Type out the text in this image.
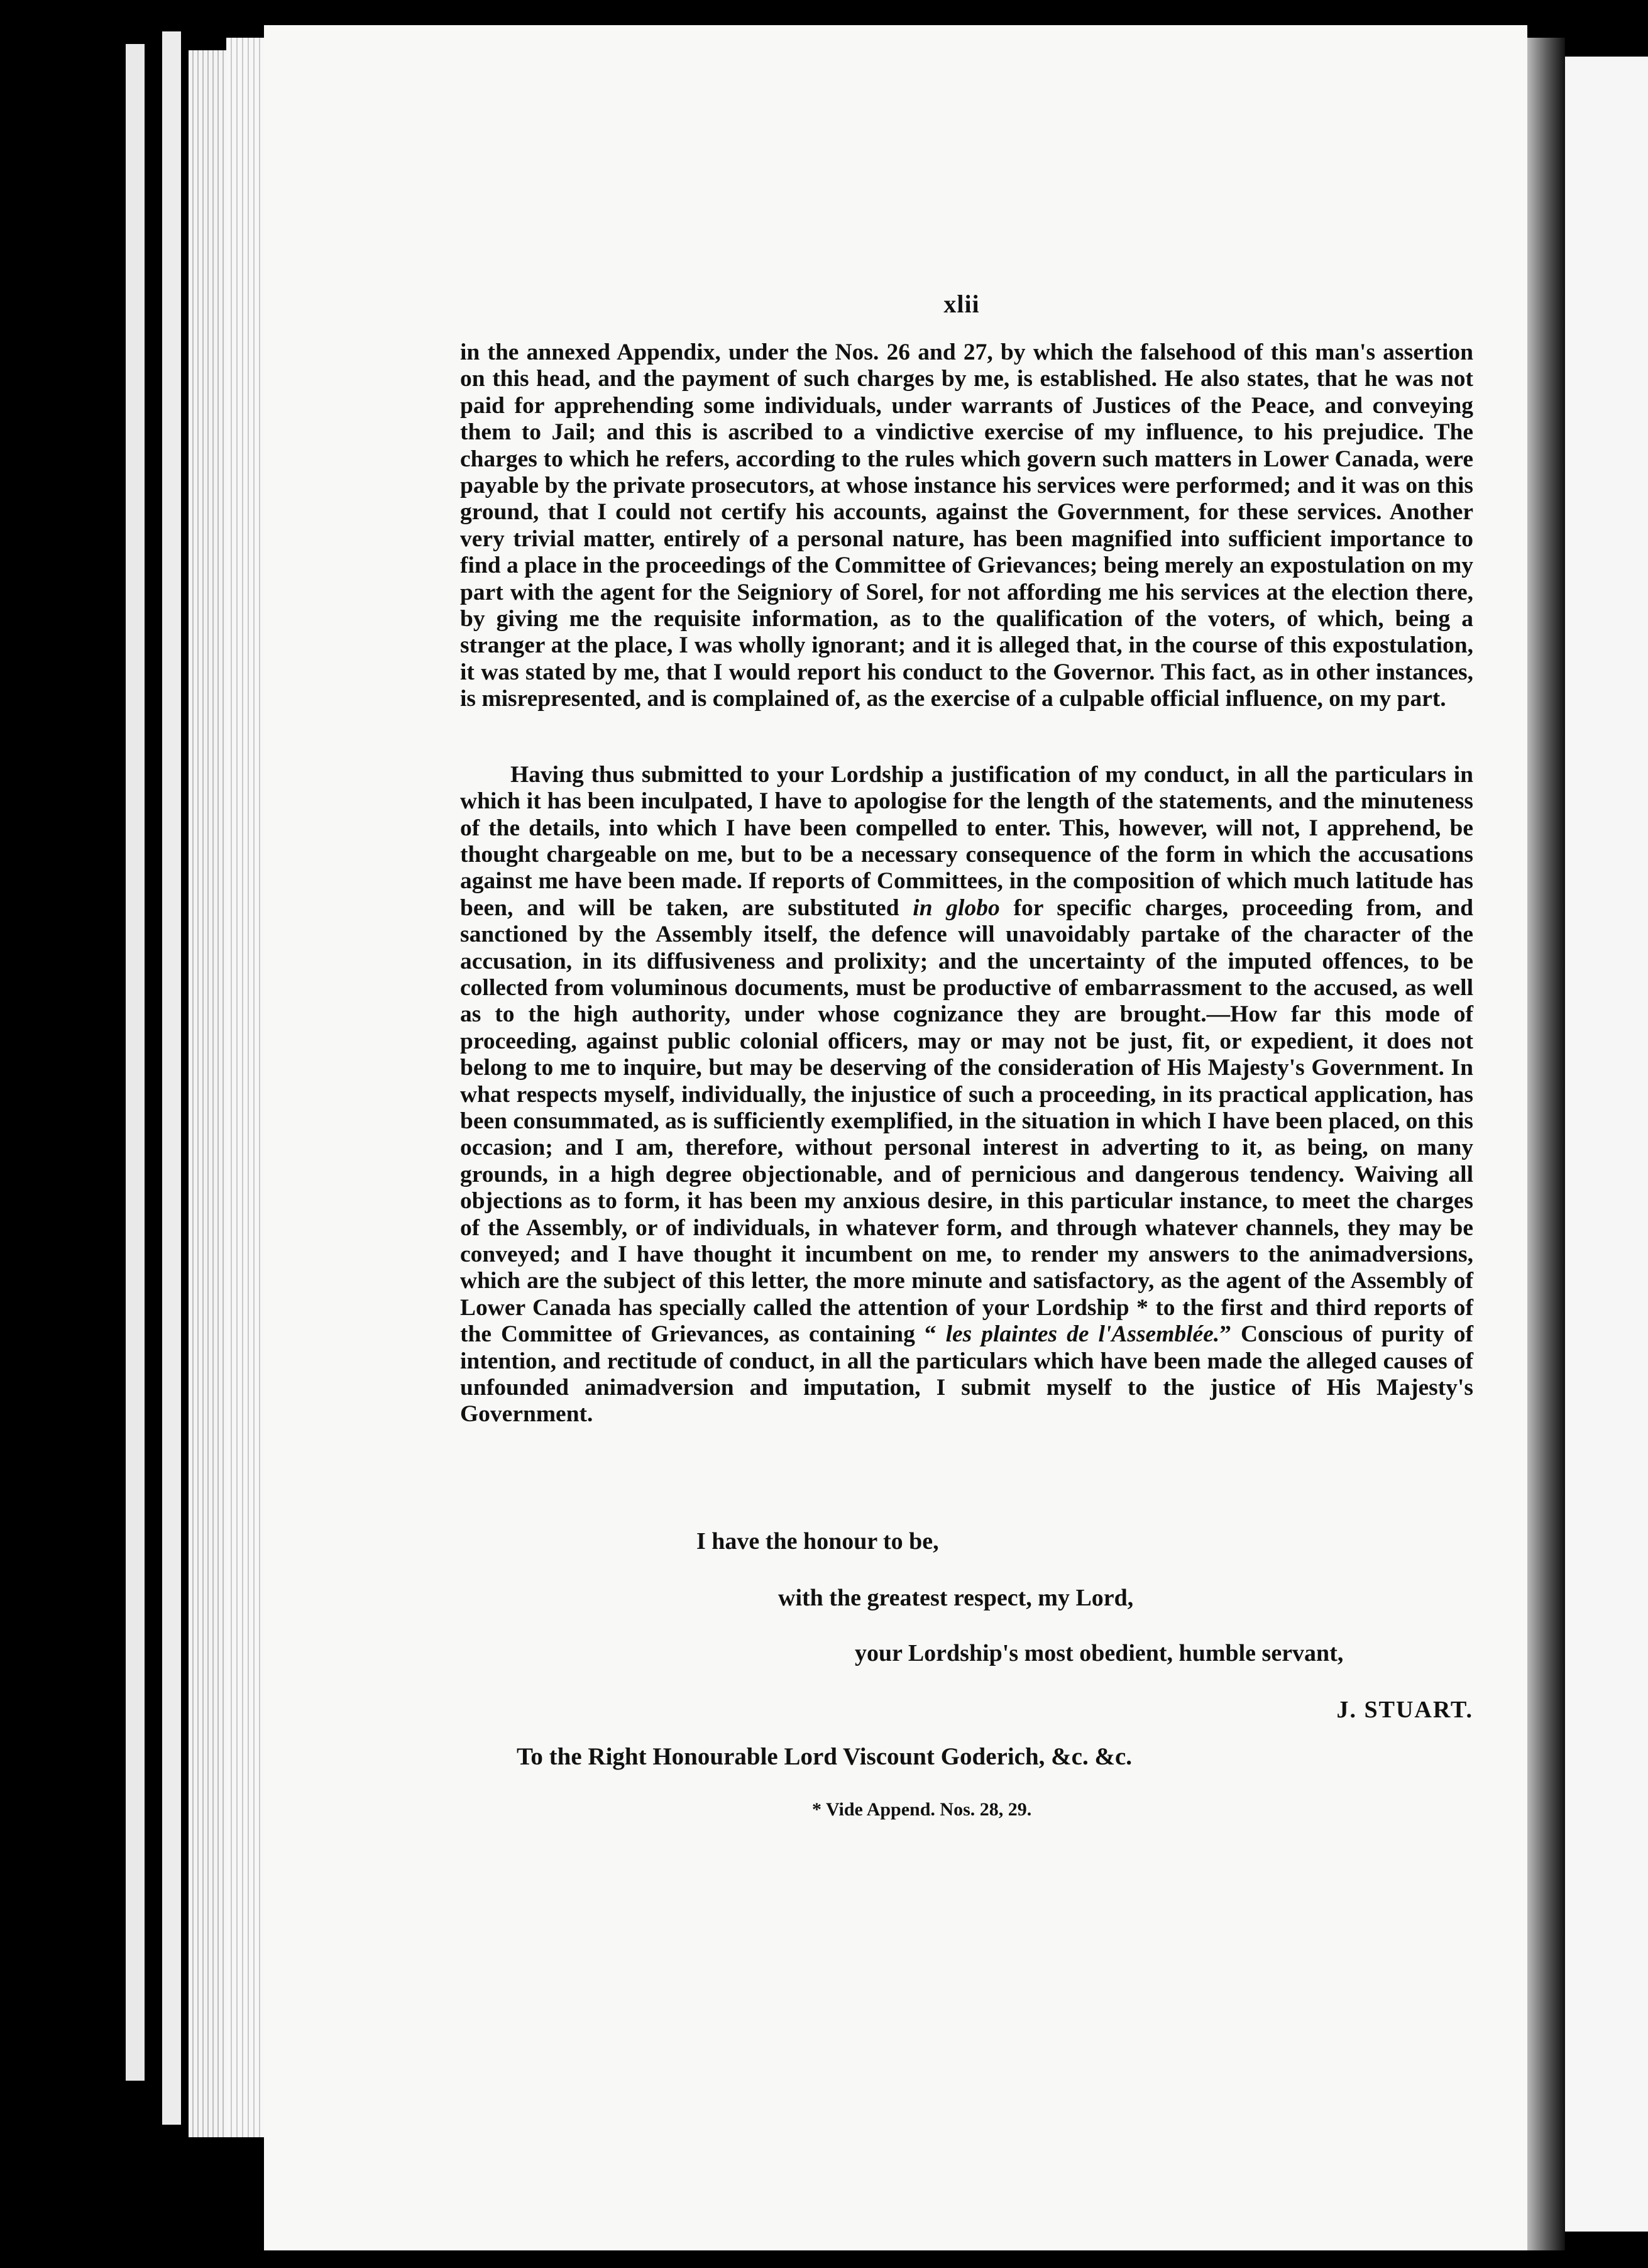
xlii

in the annexed Appendix, under the Nos. 26 and 27, by which the falsehood of this man's assertion on this head, and the payment of such charges by me, is established. He also states, that he was not paid for apprehending some individuals, under warrants of Justices of the Peace, and conveying them to Jail; and this is ascribed to a vindictive exercise of my influence, to his prejudice. The charges to which he refers, according to the rules which govern such matters in Lower Canada, were payable by the private prosecutors, at whose instance his services were performed; and it was on this ground, that I could not certify his accounts, against the Government, for these services. Another very trivial matter, entirely of a personal nature, has been magnified into sufficient importance to find a place in the proceedings of the Committee of Grievances; being merely an expostulation on my part with the agent for the Seigniory of Sorel, for not affording me his services at the election there, by giving me the requisite information, as to the qualification of the voters, of which, being a stranger at the place, I was wholly ignorant; and it is alleged that, in the course of this expostulation, it was stated by me, that I would report his conduct to the Governor. This fact, as in other instances, is misrepresented, and is complained of, as the exercise of a culpable official influence, on my part.

Having thus submitted to your Lordship a justification of my conduct, in all the particulars in which it has been inculpated, I have to apologise for the length of the statements, and the minuteness of the details, into which I have been compelled to enter. This, however, will not, I apprehend, be thought chargeable on me, but to be a necessary consequence of the form in which the accusations against me have been made. If reports of Committees, in the composition of which much latitude has been, and will be taken, are substituted in globo for specific charges, proceeding from, and sanctioned by the Assembly itself, the defence will unavoidably partake of the character of the accusation, in its diffusiveness and prolixity; and the uncertainty of the imputed offences, to be collected from voluminous documents, must be productive of embarrassment to the accused, as well as to the high authority, under whose cognizance they are brought.—How far this mode of proceeding, against public colonial officers, may or may not be just, fit, or expedient, it does not belong to me to inquire, but may be deserving of the consideration of His Majesty's Government. In what respects myself, individually, the injustice of such a proceeding, in its practical application, has been consummated, as is sufficiently exemplified, in the situation in which I have been placed, on this occasion; and I am, therefore, without personal interest in adverting to it, as being, on many grounds, in a high degree objectionable, and of pernicious and dangerous tendency. Waiving all objections as to form, it has been my anxious desire, in this particular instance, to meet the charges of the Assembly, or of individuals, in whatever form, and through whatever channels, they may be conveyed; and I have thought it incumbent on me, to render my answers to the animadversions, which are the subject of this letter, the more minute and satisfactory, as the agent of the Assembly of Lower Canada has specially called the attention of your Lordship * to the first and third reports of the Committee of Grievances, as containing “ les plaintes de l'Assemblée.” Conscious of purity of intention, and rectitude of conduct, in all the particulars which have been made the alleged causes of unfounded animadversion and imputation, I submit myself to the justice of His Majesty's Government.

I have the honour to be,
with the greatest respect, my Lord,
your Lordship's most obedient, humble servant,
J. STUART.
To the Right Honourable Lord Viscount Goderich, &c. &c.
* Vide Append. Nos. 28, 29.
